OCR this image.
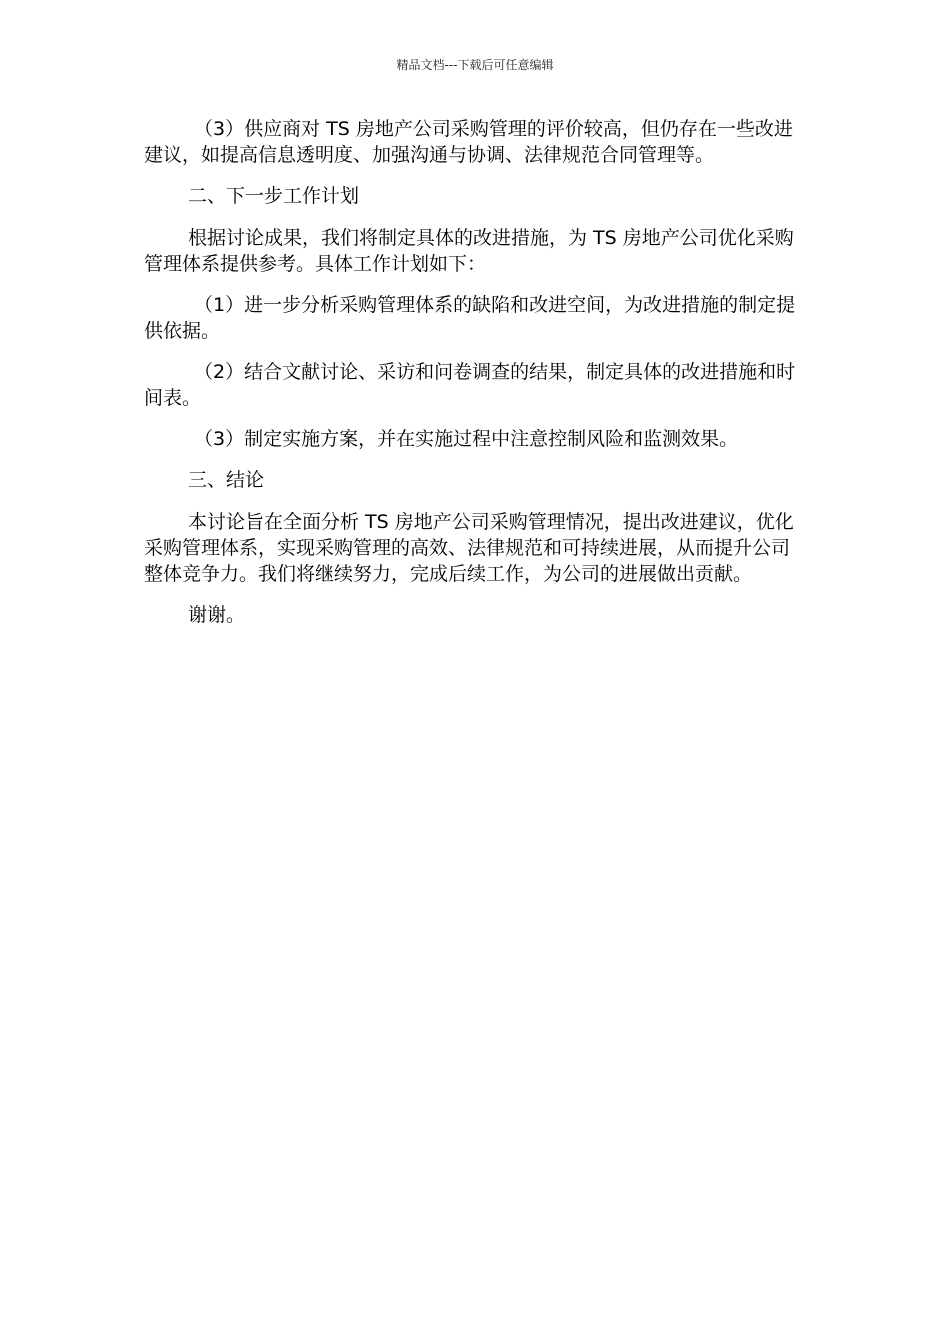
精品文档---下载后可任意编辑

（3）供应商对 TS 房地产公司采购管理的评价较高，但仍存在一些改进建议，如提高信息透明度、加强沟通与协调、法律规范合同管理等。

二、下一步工作计划

根据讨论成果，我们将制定具体的改进措施，为 TS 房地产公司优化采购管理体系提供参考。具体工作计划如下：

（1）进一步分析采购管理体系的缺陷和改进空间，为改进措施的制定提供依据。

（2）结合文献讨论、采访和问卷调查的结果，制定具体的改进措施和时间表。

（3）制定实施方案，并在实施过程中注意控制风险和监测效果。

三、结论

本讨论旨在全面分析 TS 房地产公司采购管理情况，提出改进建议，优化采购管理体系，实现采购管理的高效、法律规范和可持续进展，从而提升公司整体竞争力。我们将继续努力，完成后续工作，为公司的进展做出贡献。

谢谢。
